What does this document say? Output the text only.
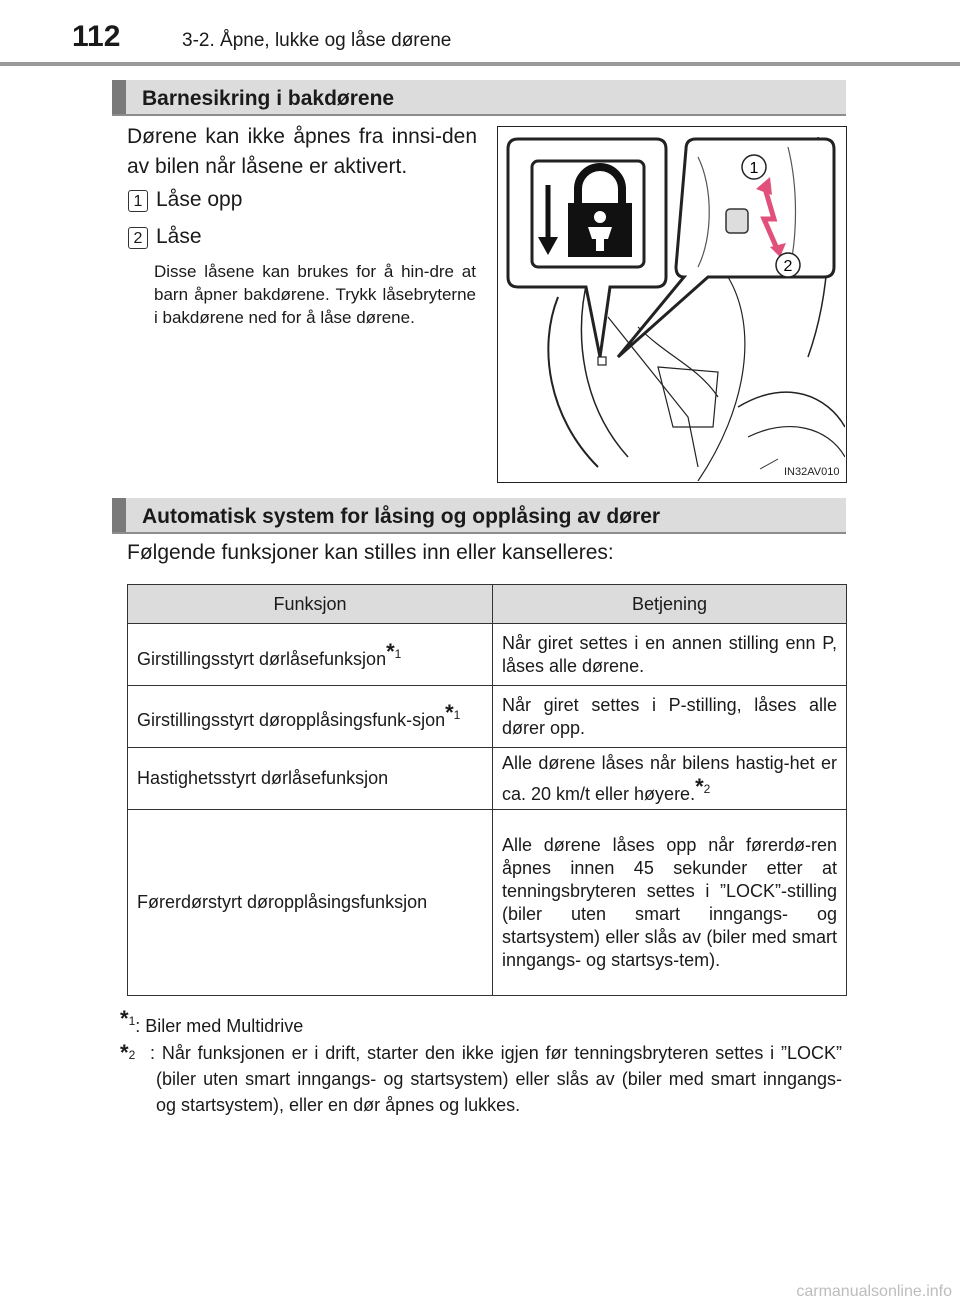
112	3-2. Åpne, lukke og låse dørene
Barnesikring i bakdørene
Dørene kan ikke åpnes fra innsi-den av bilen når låsene er aktivert.
1 Låse opp
2 Låse
Disse låsene kan brukes for å hin-dre at barn åpner bakdørene. Trykk låsebryterne i bakdørene ned for å låse dørene.
1
2
IN32AV010
Automatisk system for låsing og opplåsing av dører
Følgende funksjoner kan stilles inn eller kanselleres:
Funksjon	Betjening
Girstillingsstyrt dørlåsefunksjon*$^1$	Når giret settes i en annen stilling enn P, låses alle dørene.
Girstillingsstyrt døropplåsingsfunk-sjon*$^1$	Når giret settes i P-stilling, låses alle dører opp.
Hastighetsstyrt dørlåsefunksjon	Alle dørene låses når bilens hastig-het er ca. 20 km/t eller høyere.*$^2$
Førerdørstyrt døropplåsingsfunksjon	Alle dørene låses opp når førerdø-ren åpnes innen 45 sekunder etter at tenningsbryteren settes i ”LOCK”-stilling (biler uten smart inngangs- og startsystem) eller slås av (biler med smart inngangs- og startsys-tem).
*$^1$: Biler med Multidrive
*$^2$ : Når funksjonen er i drift, starter den ikke igjen før tenningsbryteren settes i ”LOCK” (biler uten smart inngangs- og startsystem) eller slås av (biler med smart inngangs- og startsystem), eller en dør åpnes og lukkes.
carmanualsonline.info
